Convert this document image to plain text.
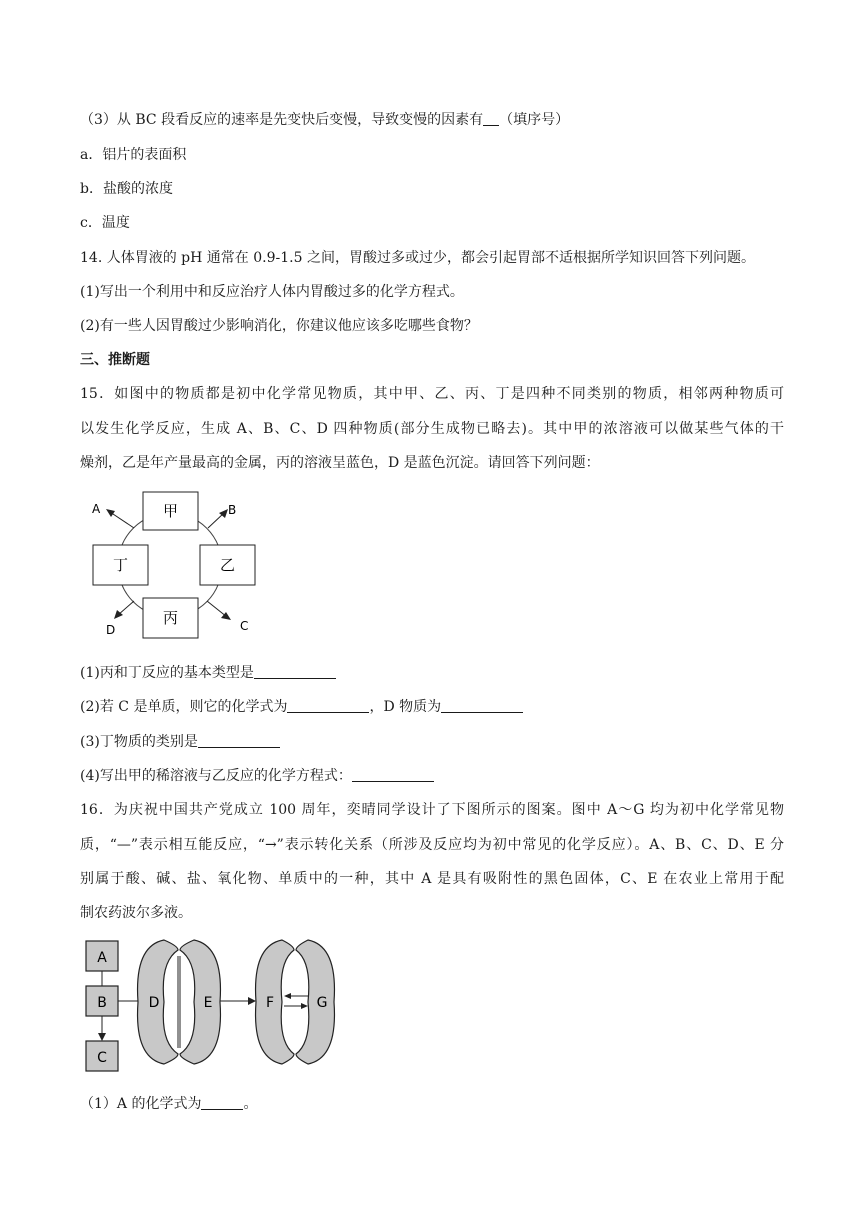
（3）从 BC 段看反应的速率是先变快后变慢，导致变慢的因素有 （填序号）
a．铝片的表面积
b．盐酸的浓度
c．温度
14. 人体胃液的 pH 通常在 0.9-1.5 之间，胃酸过多或过少，都会引起胃部不适根据所学知识回答下列问题。
(1)写出一个利用中和反应治疗人体内胃酸过多的化学方程式。
(2)有一些人因胃酸过少影响消化，你建议他应该多吃哪些食物？
三、推断题
15．如图中的物质都是初中化学常见物质，其中甲、乙、丙、丁是四种不同类别的物质，相邻两种物质可
以发生化学反应，生成 A、B、C、D 四种物质(部分生成物已略去)。其中甲的浓溶液可以做某些气体的干
燥剂，乙是年产量最高的金属，丙的溶液呈蓝色，D 是蓝色沉淀。请回答下列问题：
甲
乙
丙
丁
A	B
D	C
(1)丙和丁反应的基本类型是
(2)若 C 是单质，则它的化学式为	，D 物质为
(3)丁物质的类别是
(4)写出甲的稀溶液与乙反应的化学方程式：
16．为庆祝中国共产党成立 100 周年，奕晴同学设计了下图所示的图案。图中 A～G 均为初中化学常见物
质，“—”表示相互能反应，“→”表示转化关系（所涉及反应均为初中常见的化学反应）。A、B、C、D、E 分
别属于酸、碱、盐、氧化物、单质中的一种，其中 A 是具有吸附性的黑色固体，C、E 在农业上常用于配
制农药波尔多液。
A
B
C
D	E	F	G
（1）A 的化学式为	。
